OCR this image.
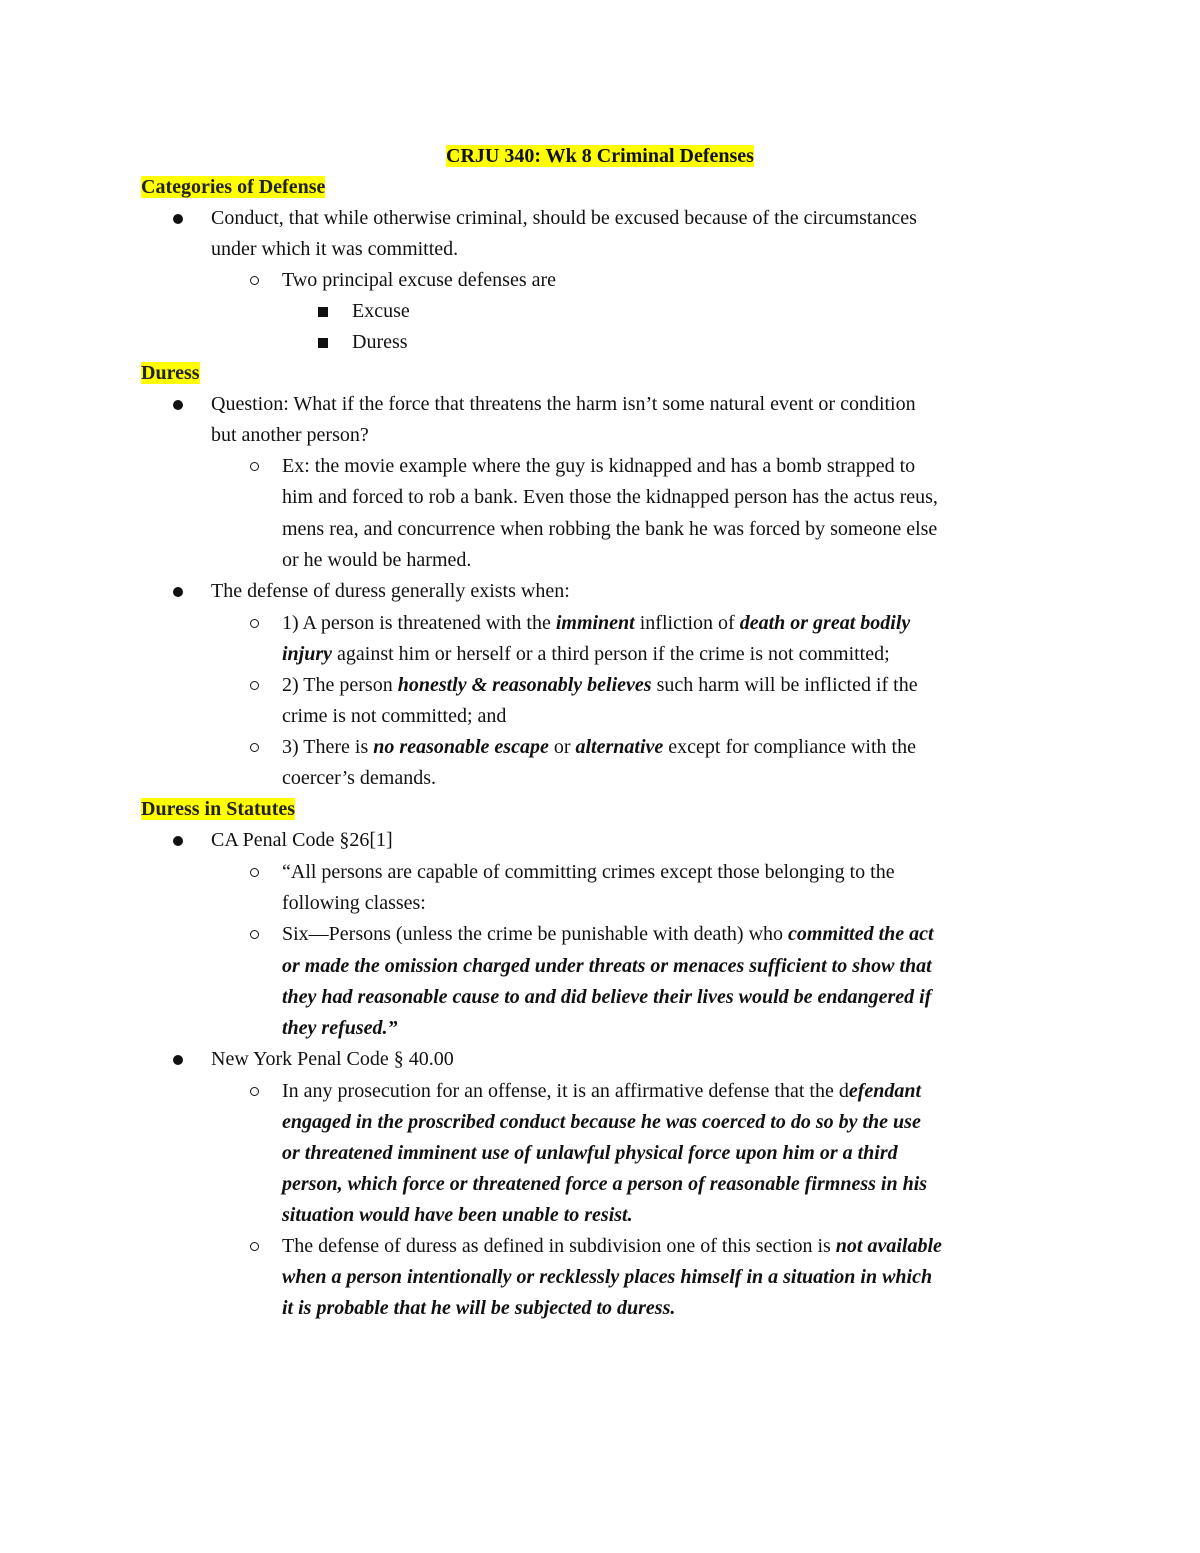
CRJU 340: Wk 8 Criminal Defenses
Categories of Defense
Conduct, that while otherwise criminal, should be excused because of the circumstances
under which it was committed.
Two principal excuse defenses are
Excuse
Duress
Duress
Question: What if the force that threatens the harm isn’t some natural event or condition
but another person?
Ex: the movie example where the guy is kidnapped and has a bomb strapped to
him and forced to rob a bank. Even those the kidnapped person has the actus reus,
mens rea, and concurrence when robbing the bank he was forced by someone else
or he would be harmed.
The defense of duress generally exists when:
1) A person is threatened with the imminent infliction of death or great bodily
injury against him or herself or a third person if the crime is not committed;
2) The person honestly & reasonably believes such harm will be inflicted if the
crime is not committed; and
3) There is no reasonable escape or alternative except for compliance with the
coercer’s demands.
Duress in Statutes
CA Penal Code §26[1]
“All persons are capable of committing crimes except those belonging to the
following classes:
Six—Persons (unless the crime be punishable with death) who committed the act
or made the omission charged under threats or menaces sufficient to show that
they had reasonable cause to and did believe their lives would be endangered if
they refused.”
New York Penal Code § 40.00
In any prosecution for an offense, it is an affirmative defense that the defendant
engaged in the proscribed conduct because he was coerced to do so by the use
or threatened imminent use of unlawful physical force upon him or a third
person, which force or threatened force a person of reasonable firmness in his
situation would have been unable to resist.
The defense of duress as defined in subdivision one of this section is not available
when a person intentionally or recklessly places himself in a situation in which
it is probable that he will be subjected to duress.
